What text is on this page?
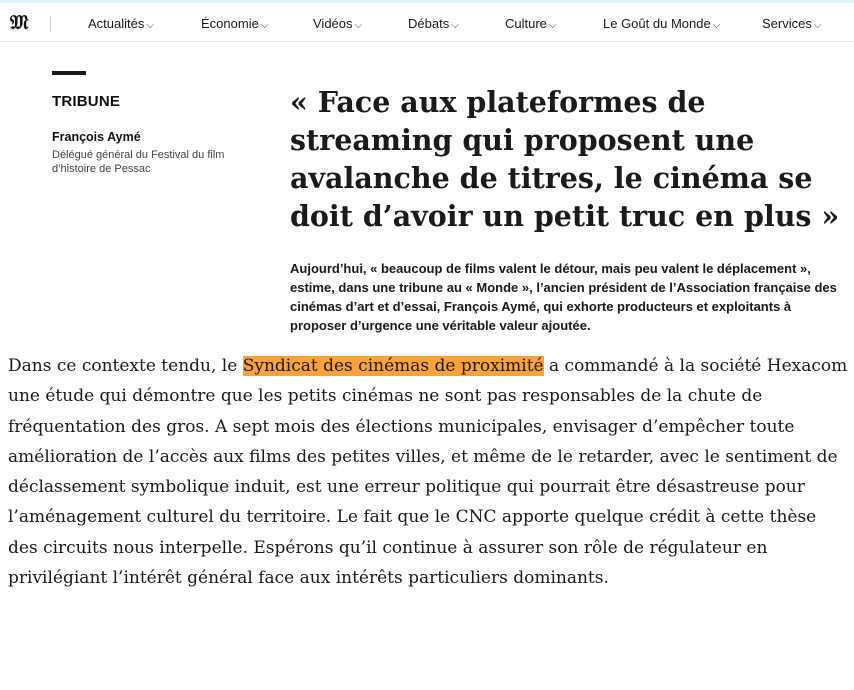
𝔐	Actualités ⌵	Économie ⌵	Vidéos ⌵	Débats ⌵	Culture ⌵	Le Goût du Monde ⌵	Services ⌵
TRIBUNE
François Aymé
Délégué général du Festival du film d’histoire de Pessac
« Face aux plateformes de streaming qui proposent une avalanche de titres, le cinéma se doit d’avoir un petit truc en plus »
Aujourd’hui, « beaucoup de films valent le détour, mais peu valent le déplacement », estime, dans une tribune au « Monde », l’ancien président de l’Association française des cinémas d’art et d’essai, François Aymé, qui exhorte producteurs et exploitants à proposer d’urgence une véritable valeur ajoutée.
Dans ce contexte tendu, le Syndicat des cinémas de proximité a commandé à la société Hexacom une étude qui démontre que les petits cinémas ne sont pas responsables de la chute de fréquentation des gros. A sept mois des élections municipales, envisager d’empêcher toute amélioration de l’accès aux films des petites villes, et même de le retarder, avec le sentiment de déclassement symbolique induit, est une erreur politique qui pourrait être désastreuse pour l’aménagement culturel du territoire. Le fait que le CNC apporte quelque crédit à cette thèse des circuits nous interpelle. Espérons qu’il continue à assurer son rôle de régulateur en privilégiant l’intérêt général face aux intérêts particuliers dominants.
